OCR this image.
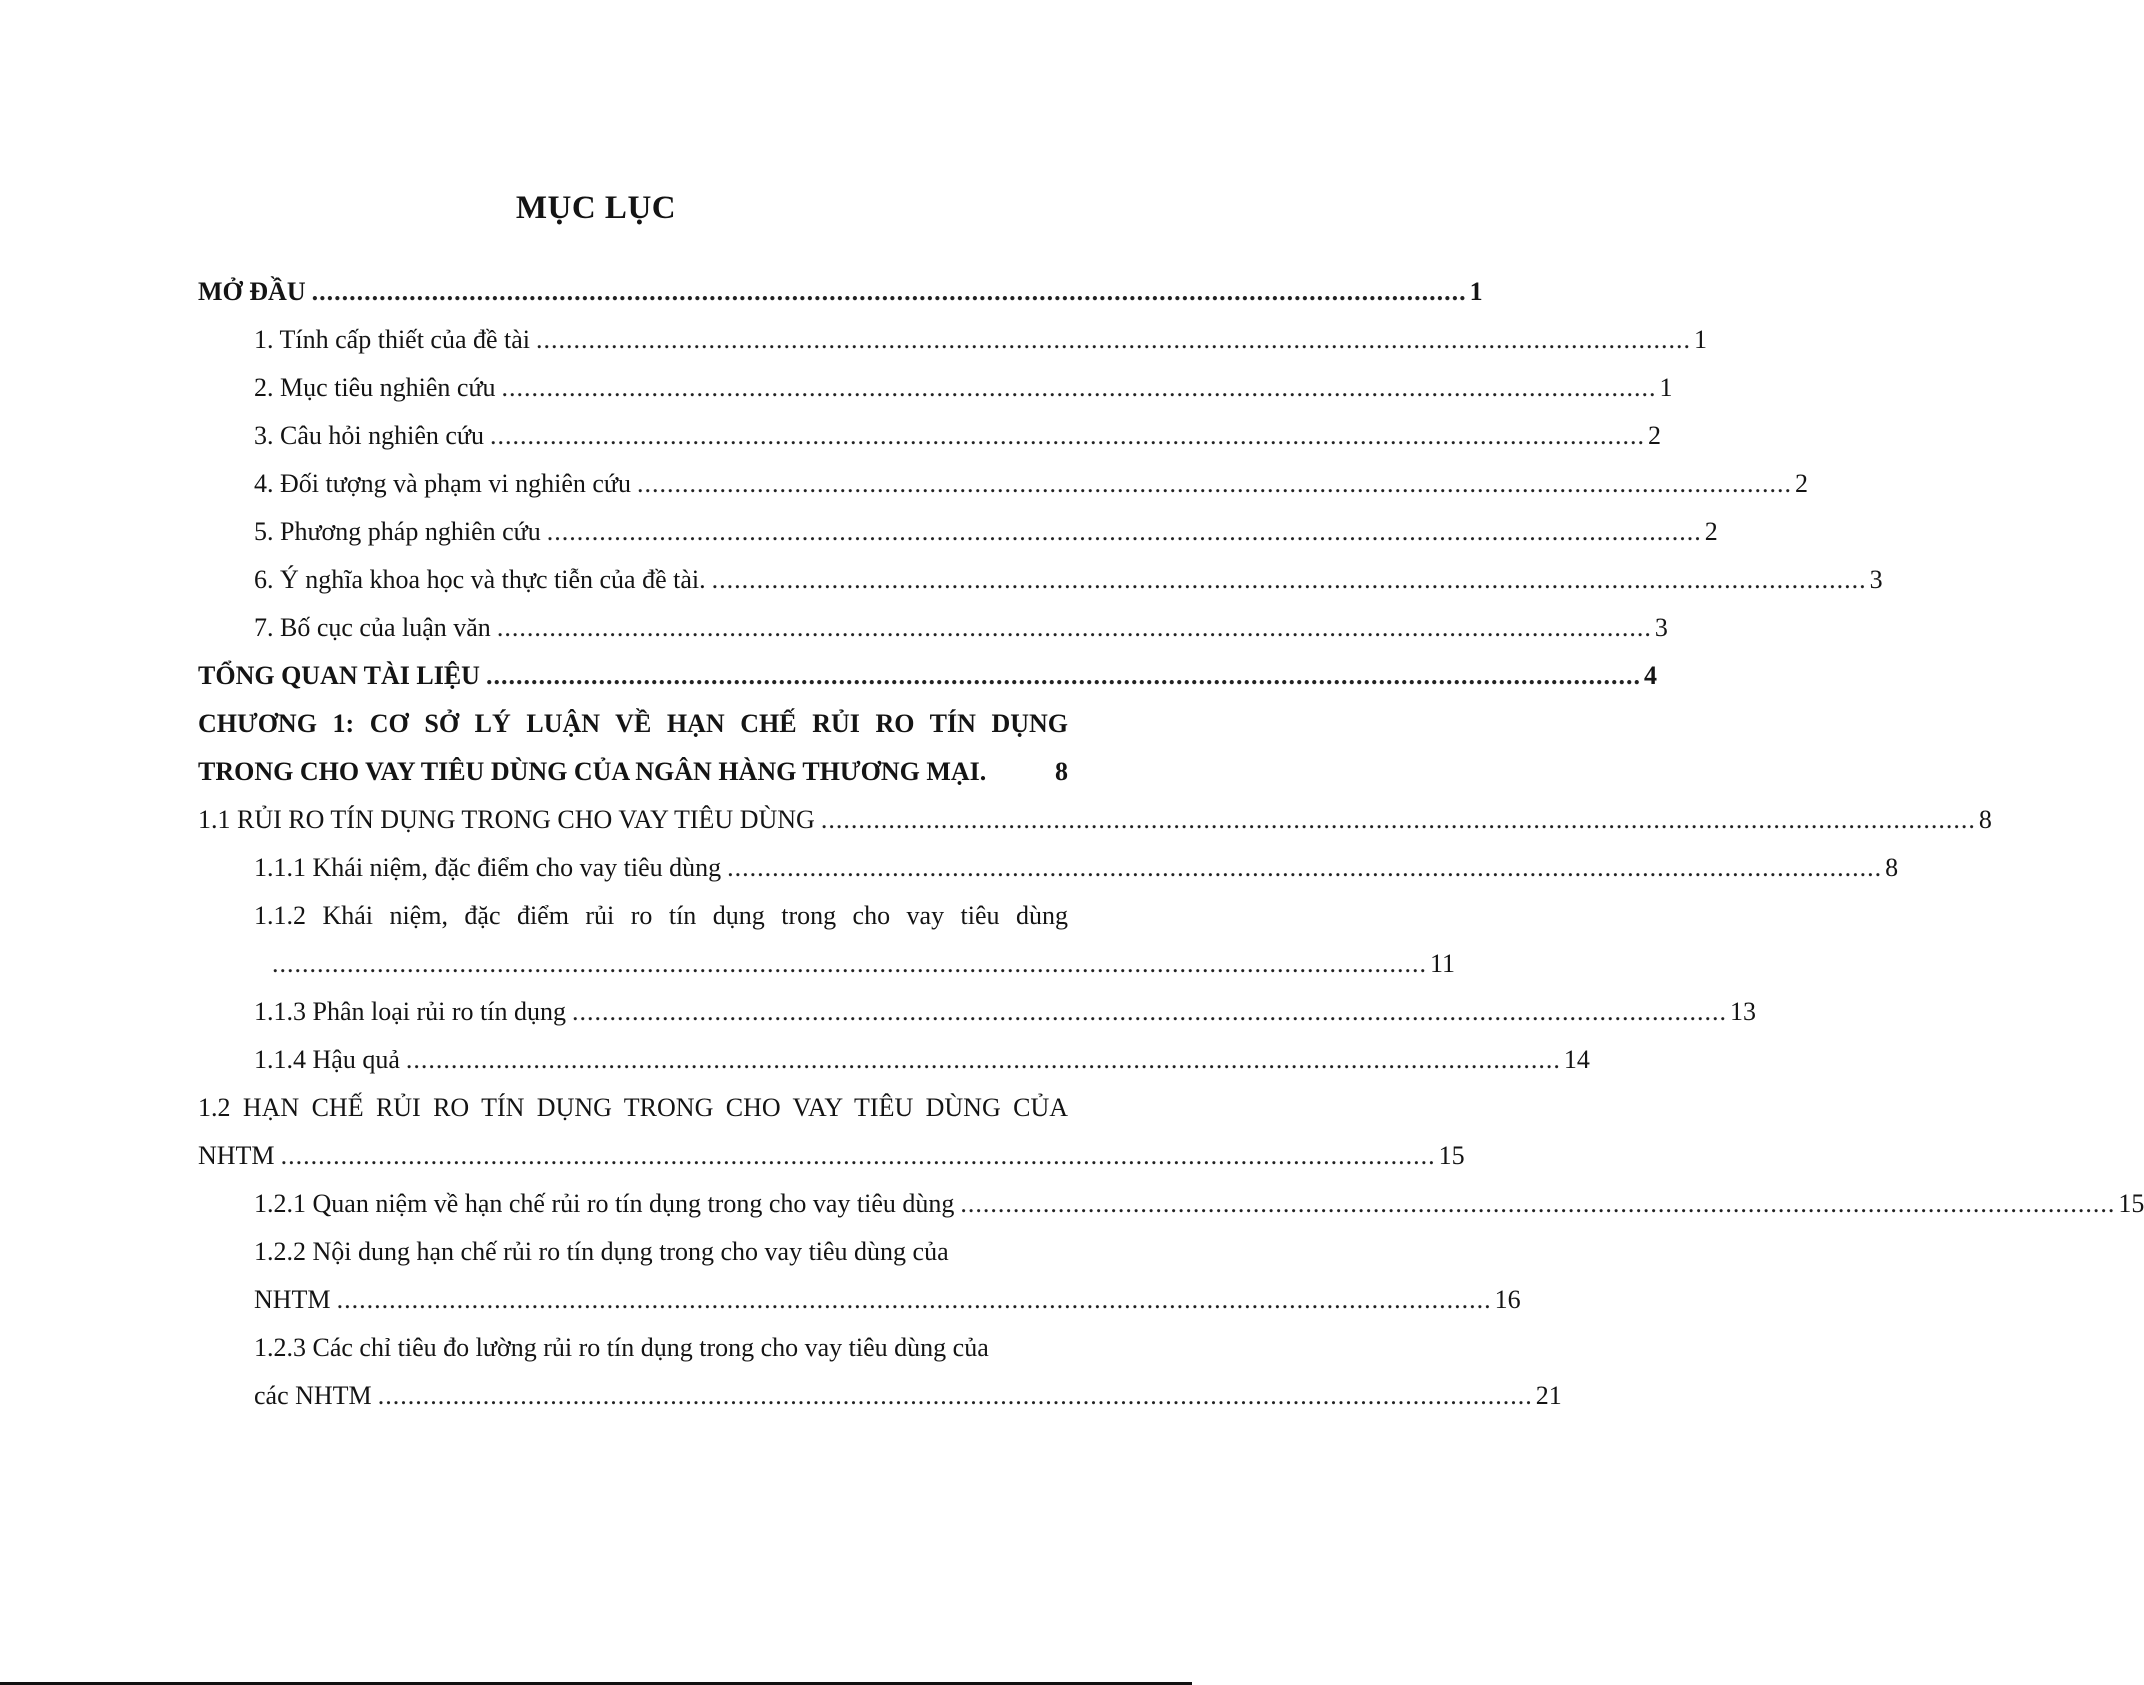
MỤC LỤC
MỞ ĐẦU .......................................................................................................................................................... 1
1. Tính cấp thiết của đề tài .......................................................................................................................................................... 1
2. Mục tiêu nghiên cứu .......................................................................................................................................................... 1
3. Câu hỏi nghiên cứu .......................................................................................................................................................... 2
4. Đối tượng và phạm vi nghiên cứu .......................................................................................................................................................... 2
5. Phương pháp nghiên cứu .......................................................................................................................................................... 2
6. Ý nghĩa khoa học và thực tiễn của đề tài. .......................................................................................................................................................... 3
7. Bố cục của luận văn .......................................................................................................................................................... 3
TỔNG QUAN TÀI LIỆU .......................................................................................................................................................... 4
CHƯƠNG 1: CƠ SỞ LÝ LUẬN VỀ HẠN CHẾ RỦI RO TÍN DỤNG
TRONG CHO VAY TIÊU DÙNG CỦA NGÂN HÀNG THƯƠNG MẠI.	8
1.1 RỦI RO TÍN DỤNG TRONG CHO VAY TIÊU DÙNG .......................................................................................................................................................... 8
1.1.1 Khái niệm, đặc điểm cho vay tiêu dùng .......................................................................................................................................................... 8
1.1.2 Khái niệm, đặc điểm rủi ro tín dụng trong cho vay tiêu dùng
.......................................................................................................................................................... 11
1.1.3 Phân loại rủi ro tín dụng .......................................................................................................................................................... 13
1.1.4 Hậu quả .......................................................................................................................................................... 14
1.2 HẠN CHẾ RỦI RO TÍN DỤNG TRONG CHO VAY TIÊU DÙNG CỦA
NHTM .......................................................................................................................................................... 15
1.2.1 Quan niệm về hạn chế rủi ro tín dụng trong cho vay tiêu dùng .......................................................................................................................................................... 15
1.2.2 Nội dung hạn chế rủi ro tín dụng trong cho vay tiêu dùng của
NHTM .......................................................................................................................................................... 16
1.2.3 Các chỉ tiêu đo lường rủi ro tín dụng trong cho vay tiêu dùng của
các NHTM .......................................................................................................................................................... 21
